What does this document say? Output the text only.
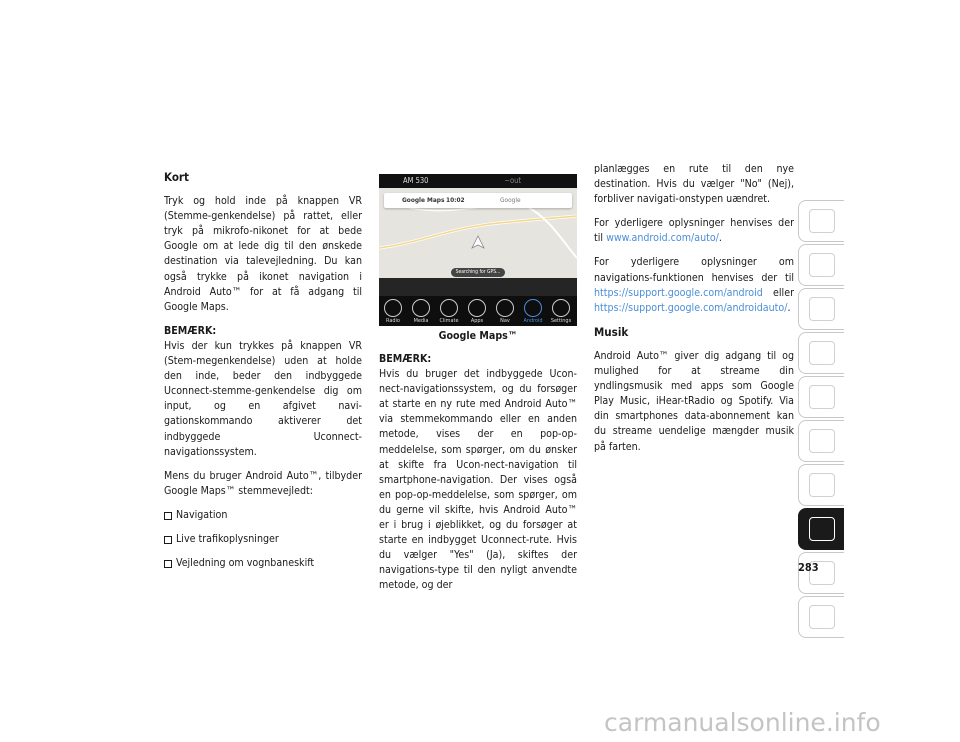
Kort

Tryk og hold inde på knappen VR (Stemme-genkendelse) på rattet, eller tryk på mikrofo-nikonet for at bede Google om at lede dig til den ønskede destination via talevejledning. Du kan også trykke på ikonet navigation i Android Auto™ for at få adgang til Google Maps.

BEMÆRK:
Hvis der kun trykkes på knappen VR (Stem-megenkendelse) uden at holde den inde, beder den indbyggede Uconnect-stemme-genkendelse dig om input, og en afgivet navi-gationskommando aktiverer det indbyggede Uconnect-navigationssystem.

Mens du bruger Android Auto™, tilbyder Google Maps™ stemmevejledt:

Navigation
Live trafikoplysninger
Vejledning om vognbaneskift
AM 530	~out
Google Maps 10:02	Google
Searching for GPS...
Radio	Media	Climate	Apps	Nav	Android	Settings
Google Maps™

BEMÆRK:
Hvis du bruger det indbyggede Ucon-nect-navigationssystem, og du forsøger at starte en ny rute med Android Auto™ via stemmekommando eller en anden metode, vises der en pop-op-meddelelse, som spørger, om du ønsker at skifte fra Ucon-nect-navigation til smartphone-navigation. Der vises også en pop-op-meddelelse, som spørger, om du gerne vil skifte, hvis Android Auto™ er i brug i øjeblikket, og du forsøger at starte en indbygget Uconnect-rute. Hvis du vælger "Yes" (Ja), skiftes der navigations-type til den nyligt anvendte metode, og der

planlægges en rute til den nye destination. Hvis du vælger "No" (Nej), forbliver navigati-onstypen uændret.

For yderligere oplysninger henvises der til www.android.com/auto/.

For yderligere oplysninger om navigations-funktionen henvises der til https://support.google.com/android eller https://support.google.com/androidauto/.

Musik

Android Auto™ giver dig adgang til og mulighed for at streame din yndlingsmusik med apps som Google Play Music, iHear-tRadio og Spotify. Via din smartphones data-abonnement kan du streame uendelige mængder musik på farten.

283
carmanualsonline.info
